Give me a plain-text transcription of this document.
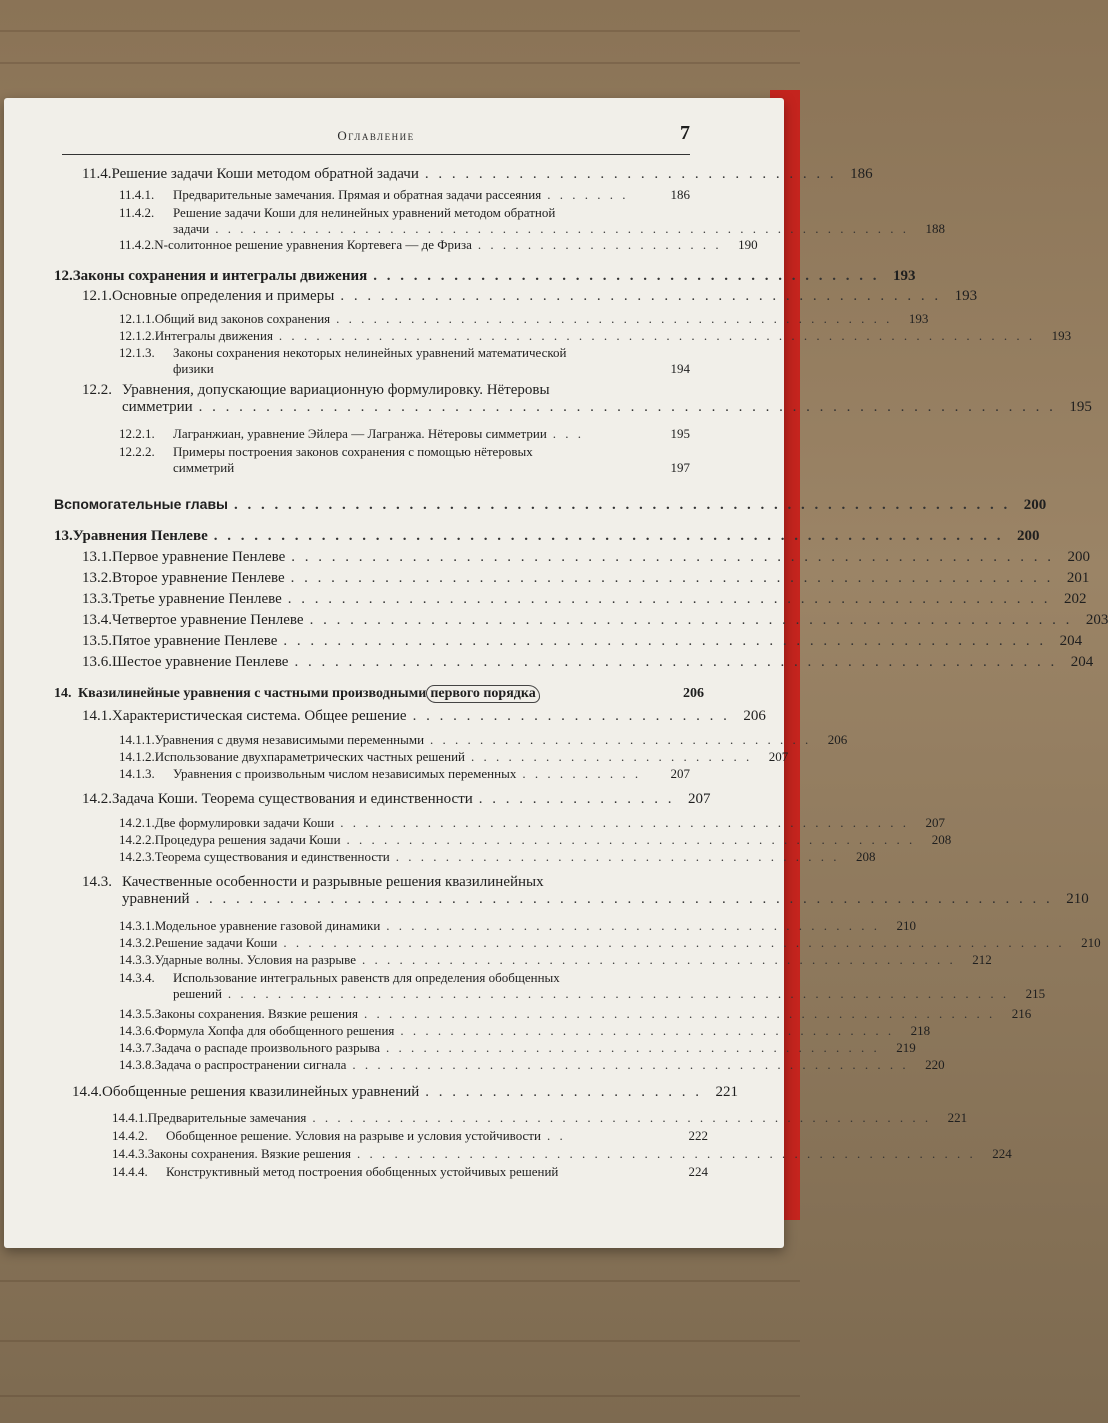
Оглавление	7
11.4. Решение задачи Коши методом обратной задачи . . . . . . . . . . . . . . . . . . . . . . . . . . . . . . . 186
11.4.1.	Предварительные замечания. Прямая и обратная задачи рассеяния . . . . . . .	186
11.4.2. Решение задачи Коши для нелинейных уравнений методом обратной
задачи . . . . . . . . . . . . . . . . . . . . . . . . . . . . . . . . . . . . . . . . . . . . . . . . . . . . . . . .	188
11.4.2. N-солитонное решение уравнения Кортевега — де Фриза . . . . . . . . . . . . . . . . . . . .	190
12. Законы сохранения и интегралы движения . . . . . . . . . . . . . . . . . . . . . . . . . . . . . . . . . . . . . . 193
12.1. Основные определения и примеры . . . . . . . . . . . . . . . . . . . . . . . . . . . . . . . . . . . . . . . . . . . . . 193
12.1.1. Общий вид законов сохранения . . . . . . . . . . . . . . . . . . . . . . . . . . . . . . . . . . . . . . . . . . . . .	193
12.1.2. Интегралы движения . . . . . . . . . . . . . . . . . . . . . . . . . . . . . . . . . . . . . . . . . . . . . . . . . . . . . . . . . . . . .	193
12.1.3. Законы сохранения некоторых нелинейных уравнений математической
физики	194
12.2. Уравнения, допускающие вариационную формулировку. Нётеровы
симметрии . . . . . . . . . . . . . . . . . . . . . . . . . . . . . . . . . . . . . . . . . . . . . . . . . . . . . . . . . . . . . . . . 195
12.2.1.	Лагранжиан, уравнение Эйлера — Лагранжа. Нётеровы симметрии . . .	195
12.2.2. Примеры построения законов сохранения с помощью нётеровых
симметрий	197
Вспомогательные главы . . . . . . . . . . . . . . . . . . . . . . . . . . . . . . . . . . . . . . . . . . . . . . . . . . . . . . . . . . 200
13. Уравнения Пенлеве . . . . . . . . . . . . . . . . . . . . . . . . . . . . . . . . . . . . . . . . . . . . . . . . . . . . . . . . . . . 200
13.1. Первое уравнение Пенлеве . . . . . . . . . . . . . . . . . . . . . . . . . . . . . . . . . . . . . . . . . . . . . . . . . . . . . . . . . 200
13.2. Второе уравнение Пенлеве . . . . . . . . . . . . . . . . . . . . . . . . . . . . . . . . . . . . . . . . . . . . . . . . . . . . . . . . . 201
13.3. Третье уравнение Пенлеве . . . . . . . . . . . . . . . . . . . . . . . . . . . . . . . . . . . . . . . . . . . . . . . . . . . . . . . . . 202
13.4. Четвертое уравнение Пенлеве . . . . . . . . . . . . . . . . . . . . . . . . . . . . . . . . . . . . . . . . . . . . . . . . . . . . . . . . . 203
13.5. Пятое уравнение Пенлеве . . . . . . . . . . . . . . . . . . . . . . . . . . . . . . . . . . . . . . . . . . . . . . . . . . . . . . . . . 204
13.6. Шестое уравнение Пенлеве . . . . . . . . . . . . . . . . . . . . . . . . . . . . . . . . . . . . . . . . . . . . . . . . . . . . . . . . . 204
14. Квазилинейные уравнения с частными производными первого порядка	206
14.1. Характеристическая система. Общее решение . . . . . . . . . . . . . . . . . . . . . . . . 206
14.1.1. Уравнения с двумя независимыми переменными . . . . . . . . . . . . . . . . . . . . . . . . . . . . . . .	206
14.1.2. Использование двухпараметрических частных решений . . . . . . . . . . . . . . . . . . . . . . .	207
14.1.3.	Уравнения с произвольным числом независимых переменных . . . . . . . . . .	207
14.2. Задача Коши. Теорема существования и единственности . . . . . . . . . . . . . . . 207
14.2.1. Две формулировки задачи Коши . . . . . . . . . . . . . . . . . . . . . . . . . . . . . . . . . . . . . . . . . . . . . .	207
14.2.2. Процедура решения задачи Коши . . . . . . . . . . . . . . . . . . . . . . . . . . . . . . . . . . . . . . . . . . . . . .	208
14.2.3. Теорема существования и единственности . . . . . . . . . . . . . . . . . . . . . . . . . . . . . . . . . . . .	208
14.3. Качественные особенности и разрывные решения квазилинейных
уравнений . . . . . . . . . . . . . . . . . . . . . . . . . . . . . . . . . . . . . . . . . . . . . . . . . . . . . . . . . . . . . . . . 210
14.3.1. Модельное уравнение газовой динамики . . . . . . . . . . . . . . . . . . . . . . . . . . . . . . . . . . . . . . . .	210
14.3.2. Решение задачи Коши . . . . . . . . . . . . . . . . . . . . . . . . . . . . . . . . . . . . . . . . . . . . . . . . . . . . . . . . . . . . . . .	210
14.3.3. Ударные волны. Условия на разрыве . . . . . . . . . . . . . . . . . . . . . . . . . . . . . . . . . . . . . . . . . . . . . . . .	212
14.3.4. Использование интегральных равенств для определения обобщенных
решений . . . . . . . . . . . . . . . . . . . . . . . . . . . . . . . . . . . . . . . . . . . . . . . . . . . . . . . . . . . . . . .	215
14.3.5. Законы сохранения. Вязкие решения . . . . . . . . . . . . . . . . . . . . . . . . . . . . . . . . . . . . . . . . . . . . . . . . . . .	216
14.3.6. Формула Хопфа для обобщенного решения . . . . . . . . . . . . . . . . . . . . . . . . . . . . . . . . . . . . . . . .	218
14.3.7. Задача о распаде произвольного разрыва . . . . . . . . . . . . . . . . . . . . . . . . . . . . . . . . . . . . . . . .	219
14.3.8. Задача о распространении сигнала . . . . . . . . . . . . . . . . . . . . . . . . . . . . . . . . . . . . . . . . . . . . .	220
14.4. Обобщенные решения квазилинейных уравнений . . . . . . . . . . . . . . . . . . . . . 221
14.4.1. Предварительные замечания . . . . . . . . . . . . . . . . . . . . . . . . . . . . . . . . . . . . . . . . . . . . . . . . . .	221
14.4.2.	Обобщенное решение. Условия на разрыве и условия устойчивости . .	222
14.4.3. Законы сохранения. Вязкие решения . . . . . . . . . . . . . . . . . . . . . . . . . . . . . . . . . . . . . . . . . . . . . . . . . .	224
14.4.4.	Конструктивный метод построения обобщенных устойчивых решений	224
